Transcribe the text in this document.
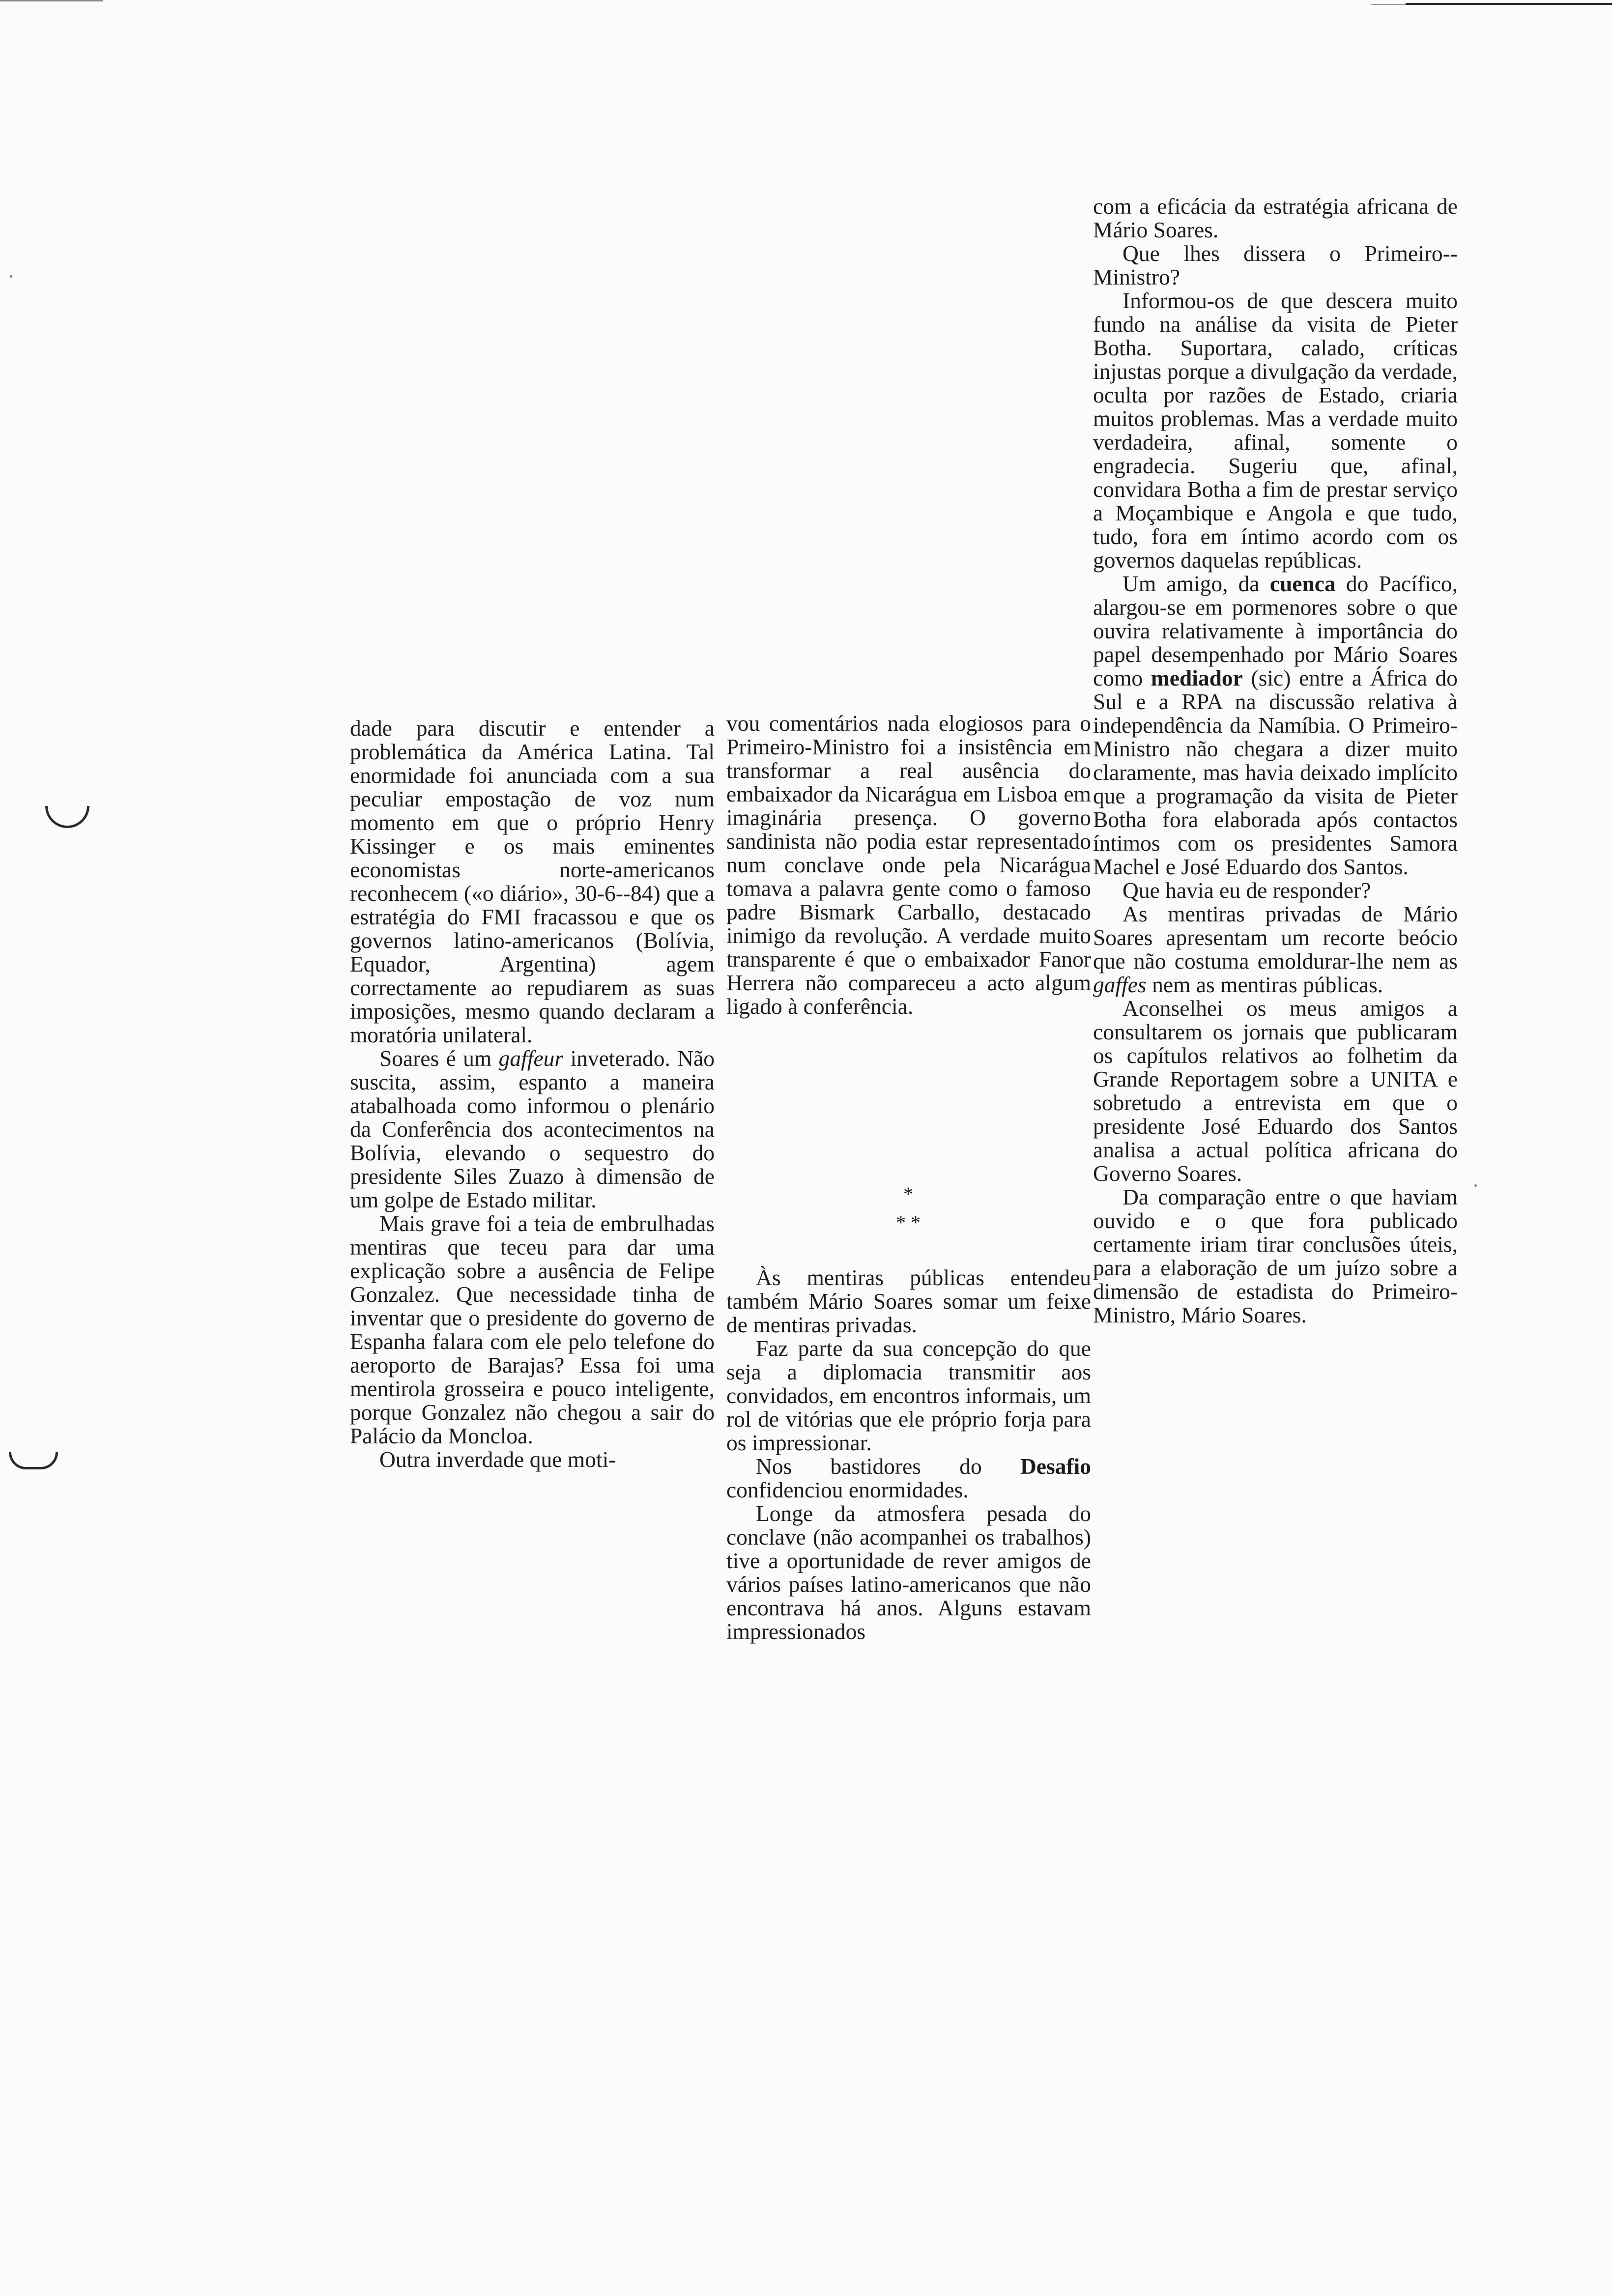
dade para discutir e entender a problemática da América Latina. Tal enormidade foi anunciada com a sua peculiar empostação de voz num momento em que o próprio Henry Kissinger e os mais eminentes economistas norte-americanos reconhecem («o diário», 30-6--84) que a estratégia do FMI fracassou e que os governos latino-americanos (Bolívia, Equador, Argentina) agem correctamente ao repudiarem as suas imposições, mesmo quando declaram a moratória unilateral.

Soares é um gaffeur inveterado. Não suscita, assim, espanto a maneira atabalhoada como informou o plenário da Conferência dos acontecimentos na Bolívia, elevando o sequestro do presidente Siles Zuazo à dimensão de um golpe de Estado militar.

Mais grave foi a teia de embrulhadas mentiras que teceu para dar uma explicação sobre a ausência de Felipe Gonzalez. Que necessidade tinha de inventar que o presidente do governo de Espanha falara com ele pelo telefone do aeroporto de Barajas? Essa foi uma mentirola grosseira e pouco inteligente, porque Gonzalez não chegou a sair do Palácio da Moncloa.

Outra inverdade que moti-

vou comentários nada elogiosos para o Primeiro-Ministro foi a insistência em transformar a real ausência do embaixador da Nicarágua em Lisboa em imaginária presença. O governo sandinista não podia estar representado num conclave onde pela Nicarágua tomava a palavra gente como o famoso padre Bismark Carballo, destacado inimigo da revolução. A verdade muito transparente é que o embaixador Fanor Herrera não compareceu a acto algum ligado à conferência.

*
* *

Às mentiras públicas entendeu também Mário Soares somar um feixe de mentiras privadas.

Faz parte da sua concepção do que seja a diplomacia transmitir aos convidados, em encontros informais, um rol de vitórias que ele próprio forja para os impressionar.

Nos bastidores do Desafio confidenciou enormidades.

Longe da atmosfera pesada do conclave (não acompanhei os trabalhos) tive a oportunidade de rever amigos de vários países latino-americanos que não encontrava há anos. Alguns estavam impressionados

com a eficácia da estratégia africana de Mário Soares.

Que lhes dissera o Primeiro--Ministro?

Informou-os de que descera muito fundo na análise da visita de Pieter Botha. Suportara, calado, críticas injustas porque a divulgação da verdade, oculta por razões de Estado, criaria muitos problemas. Mas a verdade muito verdadeira, afinal, somente o engradecia. Sugeriu que, afinal, convidara Botha a fim de prestar serviço a Moçambique e Angola e que tudo, tudo, fora em íntimo acordo com os governos daquelas repúblicas.

Um amigo, da cuenca do Pacífico, alargou-se em pormenores sobre o que ouvira relativamente à importância do papel desempenhado por Mário Soares como mediador (sic) entre a África do Sul e a RPA na discussão relativa à independência da Namíbia. O Primeiro-Ministro não chegara a dizer muito claramente, mas havia deixado implícito que a programação da visita de Pieter Botha fora elaborada após contactos íntimos com os presidentes Samora Machel e José Eduardo dos Santos.

Que havia eu de responder?

As mentiras privadas de Mário Soares apresentam um recorte beócio que não costuma emoldurar-lhe nem as gaffes nem as mentiras públicas.

Aconselhei os meus amigos a consultarem os jornais que publicaram os capítulos relativos ao folhetim da Grande Reportagem sobre a UNITA e sobretudo a entrevista em que o presidente José Eduardo dos Santos analisa a actual política africana do Governo Soares.

Da comparação entre o que haviam ouvido e o que fora publicado certamente iriam tirar conclusões úteis, para a elaboração de um juízo sobre a dimensão de estadista do Primeiro-Ministro, Mário Soares.
